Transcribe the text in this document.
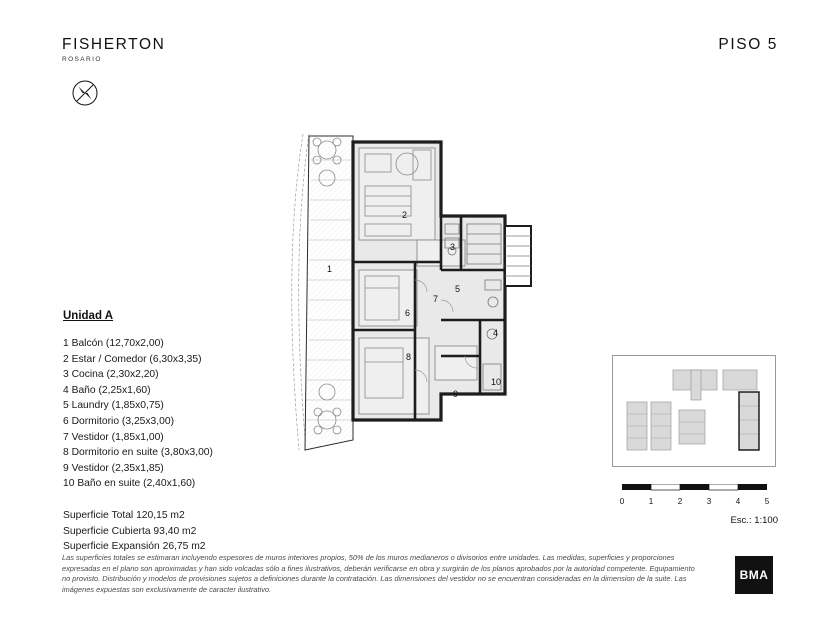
FISHERTON
ROSARIO
PISO 5
Unidad A
1 Balcón (12,70x2,00)
2 Estar / Comedor (6,30x3,35)
3 Cocina (2,30x2,20)
4 Baño (2,25x1,60)
5 Laundry (1,85x0,75)
6 Dormitorio (3,25x3,00)
7 Vestidor (1,85x1,00)
8 Dormitorio en suite (3,80x3,00)
9 Vestidor (2,35x1,85)
10 Baño en suite (2,40x1,60)
Superficie Total 120,15 m2
Superficie Cubierta 93,40 m2
Superficie Expansión 26,75 m2
1
2
3
4
5
6
7
8
9
10
0	1	2	3	4	5
Esc.: 1:100
Las superficies totales se estimaran incluyendo espesores de muros interiores propios, 50% de los muros medianeros o divisorios entre unidades. Las medidas, superficies y proporciones expresadas en el plano son aproximadas y han sido volcadas sólo a fines ilustrativos, deberán verificarse en obra y surgirán de los planos aprobados por la autoridad competente. Equipamiento no provisto. Distribución y modelos de provisiones sujetos a definiciones durante la contratación. Las dimensiones del vestidor no se encuentran consideradas en la dimension de la suite. Las imágenes expuestas son exclusivamente de caracter ilustrativo.
BMA
